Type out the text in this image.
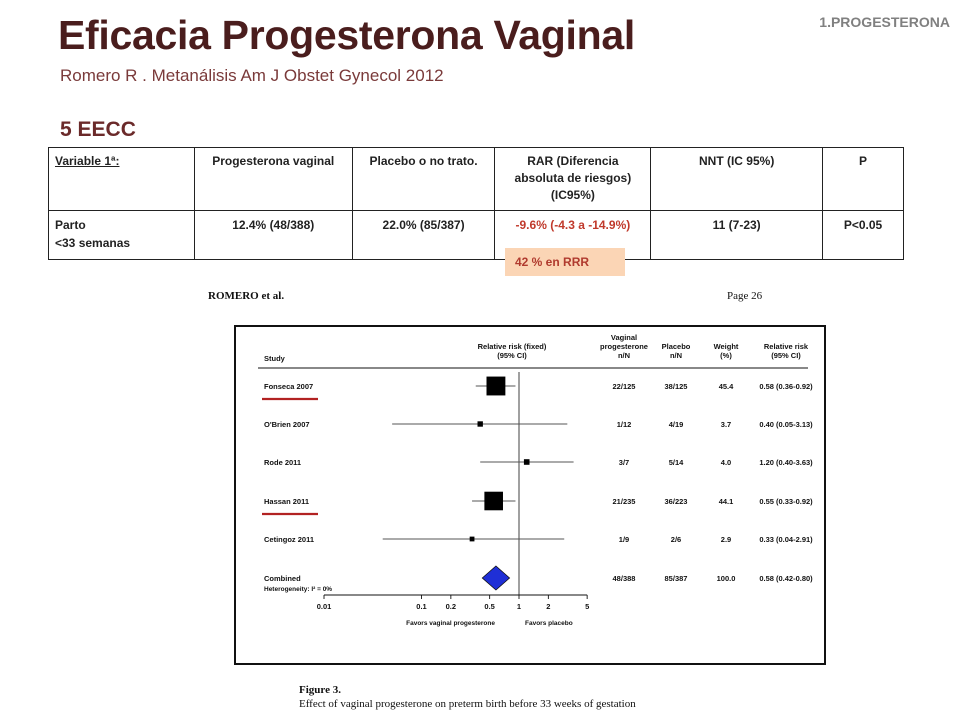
Eficacia Progesterona Vaginal
Romero R . Metanálisis Am J Obstet Gynecol 2012
1.PROGESTERONA
5 EECC
Variable 1ª:	Progesterona vaginal	Placebo o no trato.	RAR (Diferencia absoluta de riesgos) (IC95%)	NNT (IC 95%)	P
Parto
<33 semanas	12.4% (48/388)	22.0% (85/387)	-9.6% (-4.3 a -14.9%)	11 (7-23)	P<0.05
42 % en RRR
ROMERO et al.	Page 26
Study
Relative risk (fixed)
(95% CI)
Vaginal
progesterone
n/N
Placebo
n/N
Weight
(%)
Relative risk
(95% CI)
Fonseca 2007	22/125	38/125	45.4	0.58 (0.36-0.92)
O'Brien 2007	1/12	4/19	3.7	0.40 (0.05-3.13)
Rode 2011	3/7	5/14	4.0	1.20 (0.40-3.63)
Hassan 2011	21/235	36/223	44.1	0.55 (0.33-0.92)
Cetingoz 2011	1/9	2/6	2.9	0.33 (0.04-2.91)
Combined	48/388	85/387	100.0	0.58 (0.42-0.80)
Heterogeneity: I² = 0%
0.01	0.1	0.2	0.5	1	2	5
Favors vaginal progesterone	Favors placebo
Figure 3.
Effect of vaginal progesterone on preterm birth before 33 weeks of gestation
